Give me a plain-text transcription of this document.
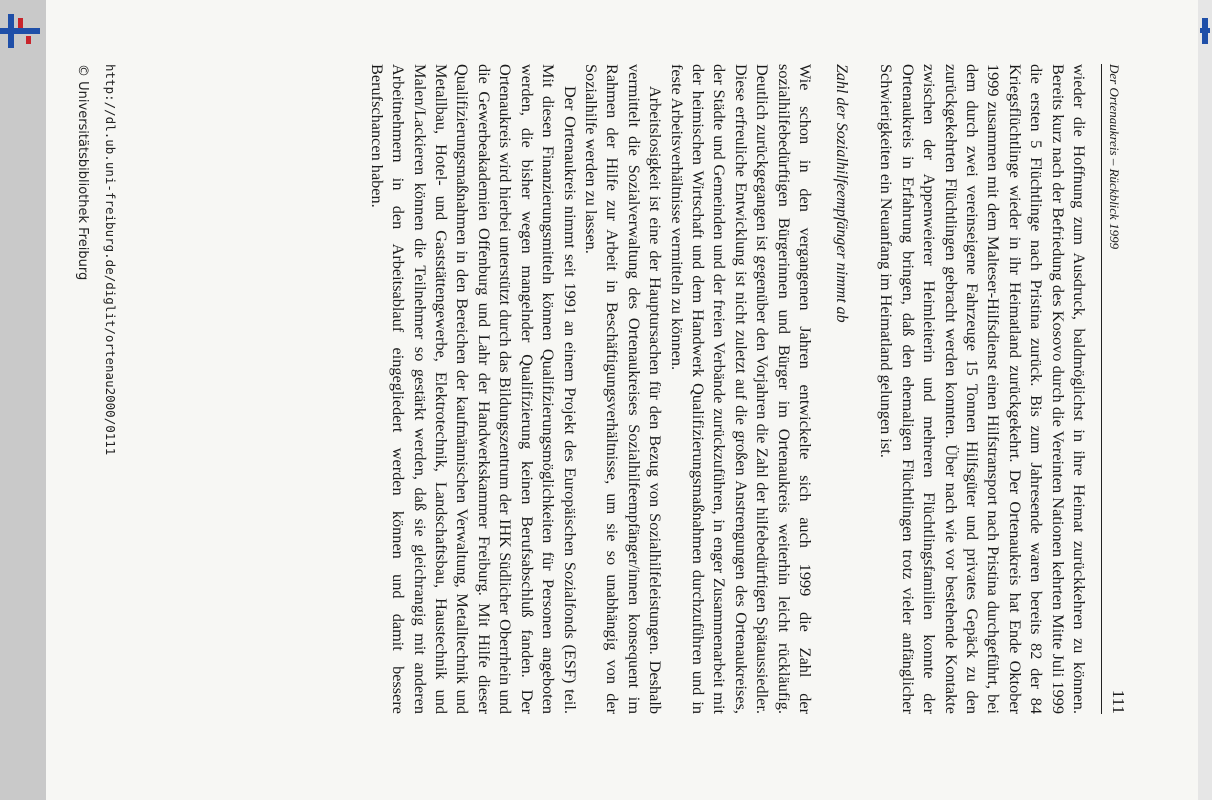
Der Ortenaukreis – Rückblick 1999
111

wieder die Hoffnung zum Ausdruck, baldmöglichst in ihre Heimat zurückkehren zu können. Bereits kurz nach der Befriedung des Kosovo durch die Vereinten Nationen kehrten Mitte Juli 1999 die ersten 5 Flüchtlinge nach Pristina zurück. Bis zum Jahresende waren bereits 82 der 84 Kriegsflüchtlinge wieder in ihr Heimatland zurückgekehrt. Der Ortenaukreis hat Ende Oktober 1999 zusammen mit dem Malteser-Hilfsdienst einen Hilfstransport nach Pristina durchgeführt, bei dem durch zwei vereinseigene Fahrzeuge 15 Tonnen Hilfsgüter und privates Gepäck zu den zurückgekehrten Flüchtlingen gebracht werden konnten. Über nach wie vor bestehende Kontakte zwischen der Appenweierer Heimleiterin und mehreren Flüchtlingsfamilien konnte der Ortenaukreis in Erfahrung bringen, daß den ehemaligen Flüchtlingen trotz vieler anfänglicher Schwierigkeiten ein Neuanfang im Heimatland gelungen ist.

Zahl der Sozialhilfeempfänger nimmt ab

Wie schon in den vergangenen Jahren entwickelte sich auch 1999 die Zahl der sozialhilfebedürftigen Bürgerinnen und Bürger im Ortenaukreis weiterhin leicht rückläufig. Deutlich zurückgegangen ist gegenüber den Vorjahren die Zahl der hilfebedürftigen Spätaussiedler. Diese erfreuliche Entwicklung ist nicht zuletzt auf die großen Anstrengungen des Ortenaukreises, der Städte und Gemeinden und der freien Verbände zurückzuführen, in enger Zusammenarbeit mit der heimischen Wirtschaft und dem Handwerk Qualifizierungsmaßnahmen durchzuführen und in feste Arbeitsverhältnisse vermitteln zu können.

Arbeitslosigkeit ist eine der Hauptursachen für den Bezug von Sozialhilfeleistungen. Deshalb vermittelt die Sozialverwaltung des Ortenaukreises Sozialhilfeempfänger/innen konsequent im Rahmen der Hilfe zur Arbeit in Beschäftigungsverhältnisse, um sie so unabhängig von der Sozialhilfe werden zu lassen.

Der Ortenaukreis nimmt seit 1991 an einem Projekt des Europäischen Sozialfonds (ESF) teil. Mit diesen Finanzierungsmitteln können Qualifizierungsmöglichkeiten für Personen angeboten werden, die bisher wegen mangelnder Qualifizierung keinen Berufsabschluß fanden. Der Ortenaukreis wird hierbei unterstützt durch das Bildungszentrum der IHK Südlicher Oberrhein und die Gewerbeakademien Offenburg und Lahr der Handwerkskammer Freiburg. Mit Hilfe dieser Qualifizierungsmaßnahmen in den Bereichen der kaufmännischen Verwaltung, Metalltechnik und Metallbau, Hotel- und Gaststättengewerbe, Elektrotechnik, Landschaftsbau, Haustechnik und Malen/Lackieren können die Teilnehmer so gestärkt werden, daß sie gleichrangig mit anderen Arbeitnehmern in den Arbeitsablauf eingegliedert werden können und damit bessere Berufschancen haben.

http://dl.ub.uni-freiburg.de/diglit/ortenau2000/0111
© Universitätsbibliothek Freiburg
